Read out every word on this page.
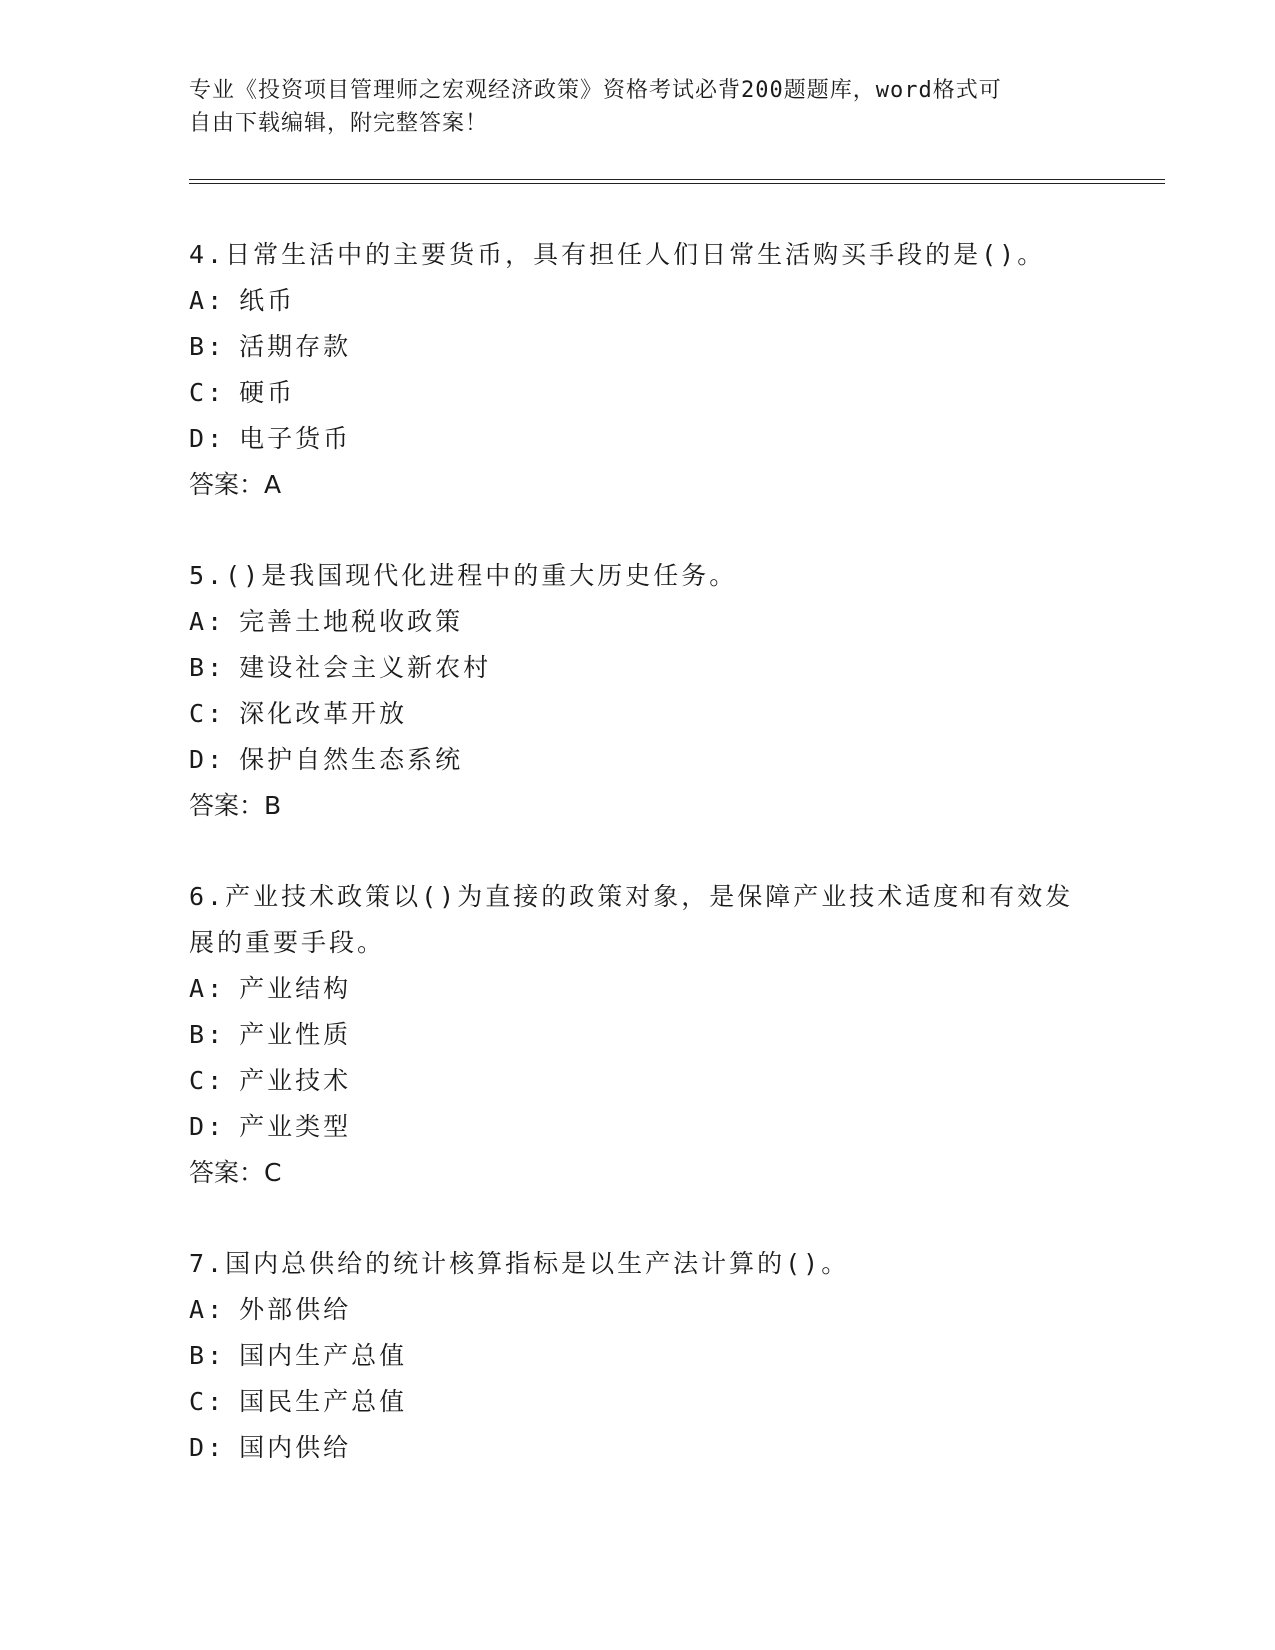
专业《投资项目管理师之宏观经济政策》资格考试必背200题题库，word格式可
自由下载编辑，附完整答案！

4.日常生活中的主要货币，具有担任人们日常生活购买手段的是()。

A: 纸币

B: 活期存款

C: 硬币

D: 电子货币

答案：A

5.()是我国现代化进程中的重大历史任务。

A: 完善土地税收政策

B: 建设社会主义新农村

C: 深化改革开放

D: 保护自然生态系统

答案：B

6.产业技术政策以()为直接的政策对象，是保障产业技术适度和有效发展的重要手段。

A: 产业结构

B: 产业性质

C: 产业技术

D: 产业类型

答案：C

7.国内总供给的统计核算指标是以生产法计算的()。

A: 外部供给

B: 国内生产总值

C: 国民生产总值

D: 国内供给
